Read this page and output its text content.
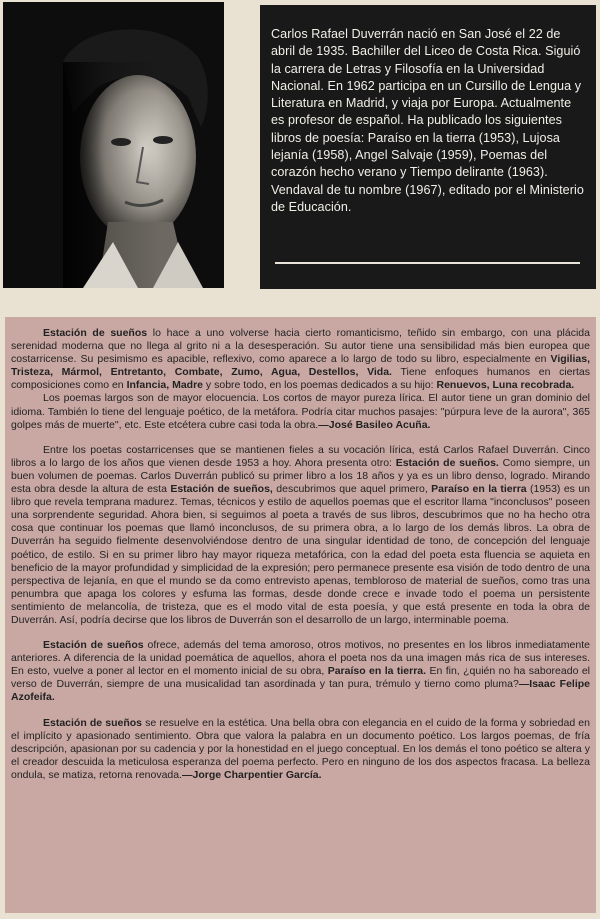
Carlos Rafael Duverrán nació en San José el 22 de abril de 1935. Bachiller del Liceo de Costa Rica. Siguió la carrera de Letras y Filosofía en la Universidad Nacional. En 1962 participa en un Cursillo de Lengua y Literatura en Madrid, y viaja por Europa. Actualmente es profesor de español. Ha publicado los siguientes libros de poesía: Paraíso en la tierra (1953), Lujosa lejanía (1958), Angel Salvaje (1959), Poemas del corazón hecho verano y Tiempo delirante (1963). Vendaval de tu nombre (1967), editado por el Ministerio de Educación.

Estación de sueños lo hace a uno volverse hacia cierto romanticismo, teñido sin embargo, con una plácida serenidad moderna que no llega al grito ni a la desesperación. Su autor tiene una sensibilidad más bien europea que costarricense. Su pesimismo es apacible, reflexivo, como aparece a lo largo de todo su libro, especialmente en Vigilias, Tristeza, Mármol, Entretanto, Combate, Zumo, Agua, Destellos, Vida. Tiene enfoques humanos en ciertas composiciones como en Infancia, Madre y sobre todo, en los poemas dedicados a su hijo: Renuevos, Luna recobrada.

Los poemas largos son de mayor elocuencia. Los cortos de mayor pureza lírica. El autor tiene un gran dominio del idioma. También lo tiene del lenguaje poético, de la metáfora. Podría citar muchos pasajes: "púrpura leve de la aurora", 365 golpes más de muerte", etc. Este etcétera cubre casi toda la obra.—José Basileo Acuña.

Entre los poetas costarricenses que se mantienen fieles a su vocación lírica, está Carlos Rafael Duverrán. Cinco libros a lo largo de los años que vienen desde 1953 a hoy. Ahora presenta otro: Estación de sueños. Como siempre, un buen volumen de poemas. Carlos Duverrán publicó su primer libro a los 18 años y ya es un libro denso, logrado. Mirando esta obra desde la altura de esta Estación de sueños, descubrimos que aquel primero, Paraíso en la tierra (1953) es un libro que revela temprana madurez. Temas, técnicos y estilo de aquellos poemas que el escritor llama "inconclusos" poseen una sorprendente seguridad. Ahora bien, si seguimos al poeta a través de sus libros, descubrimos que no ha hecho otra cosa que continuar los poemas que llamó inconclusos, de su primera obra, a lo largo de los demás libros. La obra de Duverrán ha seguido fielmente desenvolviéndose dentro de una singular identidad de tono, de concepción del lenguaje poético, de estilo. Si en su primer libro hay mayor riqueza metafórica, con la edad del poeta esta fluencia se aquieta en beneficio de la mayor profundidad y simplicidad de la expresión; pero permanece presente esa visión de todo dentro de una perspectiva de lejanía, en que el mundo se da como entrevisto apenas, tembloroso de material de sueños, como tras una penumbra que apaga los colores y esfuma las formas, desde donde crece e invade todo el poema un persistente sentimiento de melancolía, de tristeza, que es el modo vital de esta poesía, y que está presente en toda la obra de Duverrán. Así, podría decirse que los libros de Duverrán son el desarrollo de un largo, interminable poema.

Estación de sueños ofrece, además del tema amoroso, otros motivos, no presentes en los libros inmediatamente anteriores. A diferencia de la unidad poemática de aquellos, ahora el poeta nos da una imagen más rica de sus intereses. En esto, vuelve a poner al lector en el momento inicial de su obra, Paraíso en la tierra. En fin, ¿quién no ha saboreado el verso de Duverrán, siempre de una musicalidad tan asordinada y tan pura, trémulo y tierno como pluma?—Isaac Felipe Azofeifa.

Estación de sueños se resuelve en la estética. Una bella obra con elegancia en el cuido de la forma y sobriedad en el implícito y apasionado sentimiento. Obra que valora la palabra en un documento poético. Los largos poemas, de fría descripción, apasionan por su cadencia y por la honestidad en el juego conceptual. En los demás el tono poético se altera y el creador descuida la meticulosa esperanza del poema perfecto. Pero en ninguno de los dos aspectos fracasa. La belleza ondula, se matiza, retorna renovada.—Jorge Charpentier García.
